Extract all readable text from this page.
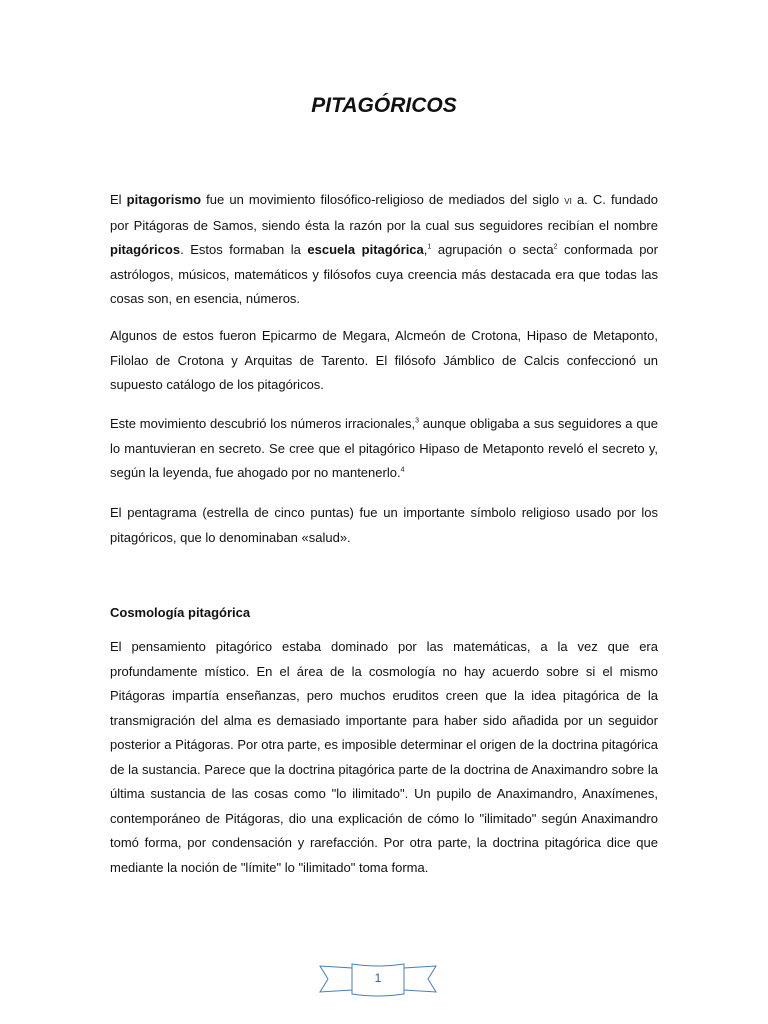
PITAGÓRICOS

El pitagorismo fue un movimiento filosófico-religioso de mediados del siglo vi a. C. fundado por Pitágoras de Samos, siendo ésta la razón por la cual sus seguidores recibían el nombre pitagóricos. Estos formaban la escuela pitagórica,$^1$ agrupación o secta$^2$ conformada por astrólogos, músicos, matemáticos y filósofos cuya creencia más destacada era que todas las cosas son, en esencia, números.

Algunos de estos fueron Epicarmo de Megara, Alcmeón de Crotona, Hipaso de Metaponto, Filolao de Crotona y Arquitas de Tarento. El filósofo Jámblico de Calcis confeccionó un supuesto catálogo de los pitagóricos.

Este movimiento descubrió los números irracionales,$^3$ aunque obligaba a sus seguidores a que lo mantuvieran en secreto. Se cree que el pitagórico Hipaso de Metaponto reveló el secreto y, según la leyenda, fue ahogado por no mantenerlo.$^4$

El pentagrama (estrella de cinco puntas) fue un importante símbolo religioso usado por los pitagóricos, que lo denominaban «salud».

Cosmología pitagórica

El pensamiento pitagórico estaba dominado por las matemáticas, a la vez que era profundamente místico. En el área de la cosmología no hay acuerdo sobre si el mismo Pitágoras impartía enseñanzas, pero muchos eruditos creen que la idea pitagórica de la transmigración del alma es demasiado importante para haber sido añadida por un seguidor posterior a Pitágoras. Por otra parte, es imposible determinar el origen de la doctrina pitagórica de la sustancia. Parece que la doctrina pitagórica parte de la doctrina de Anaximandro sobre la última sustancia de las cosas como "lo ilimitado". Un pupilo de Anaximandro, Anaxímenes, contemporáneo de Pitágoras, dio una explicación de cómo lo "ilimitado" según Anaximandro tomó forma, por condensación y rarefacción. Por otra parte, la doctrina pitagórica dice que mediante la noción de "límite" lo "ilimitado" toma forma.

1
